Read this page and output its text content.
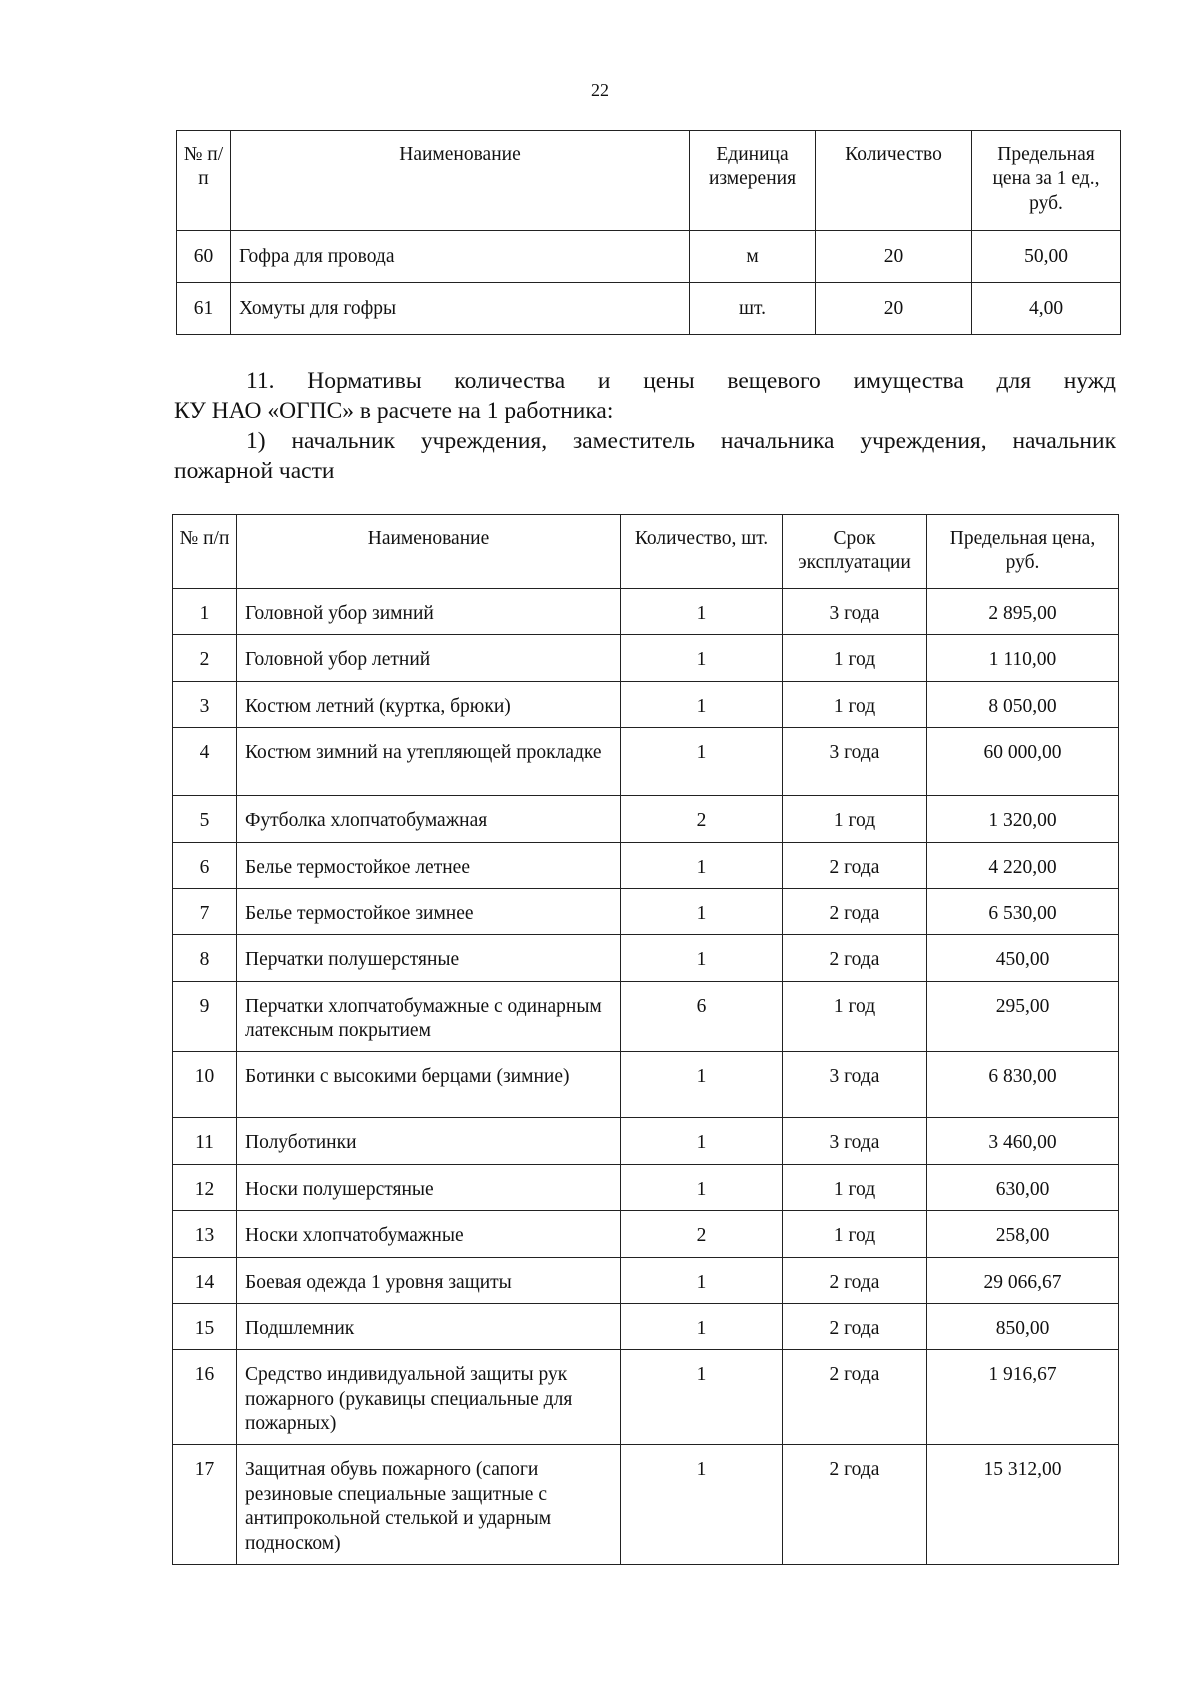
22
№ п/п	Наименование	Единица измерения	Количество	Предельная цена за 1 ед., руб.
60	Гофра для провода	м	20	50,00
61	Хомуты для гофры	шт.	20	4,00
11. Нормативы количества и цены вещевого имущества для нужд
КУ НАО «ОГПС» в расчете на 1 работника:
1) начальник учреждения, заместитель начальника учреждения, начальник
пожарной части
№ п/п	Наименование	Количество, шт.	Срок эксплуатации	Предельная цена, руб.
1	Головной убор зимний	1	3 года	2 895,00
2	Головной убор летний	1	1 год	1 110,00
3	Костюм летний (куртка, брюки)	1	1 год	8 050,00
4	Костюм зимний на утепляющей прокладке	1	3 года	60 000,00
5	Футболка хлопчатобумажная	2	1 год	1 320,00
6	Белье термостойкое летнее	1	2 года	4 220,00
7	Белье термостойкое зимнее	1	2 года	6 530,00
8	Перчатки полушерстяные	1	2 года	450,00
9	Перчатки хлопчатобумажные с одинарным латексным покрытием	6	1 год	295,00
10	Ботинки с высокими берцами (зимние)	1	3 года	6 830,00
11	Полуботинки	1	3 года	3 460,00
12	Носки полушерстяные	1	1 год	630,00
13	Носки хлопчатобумажные	2	1 год	258,00
14	Боевая одежда 1 уровня защиты	1	2 года	29 066,67
15	Подшлемник	1	2 года	850,00
16	Средство индивидуальной защиты рук пожарного (рукавицы специальные для пожарных)	1	2 года	1 916,67
17	Защитная обувь пожарного (сапоги резиновые специальные защитные с антипрокольной стелькой и ударным подноском)	1	2 года	15 312,00
